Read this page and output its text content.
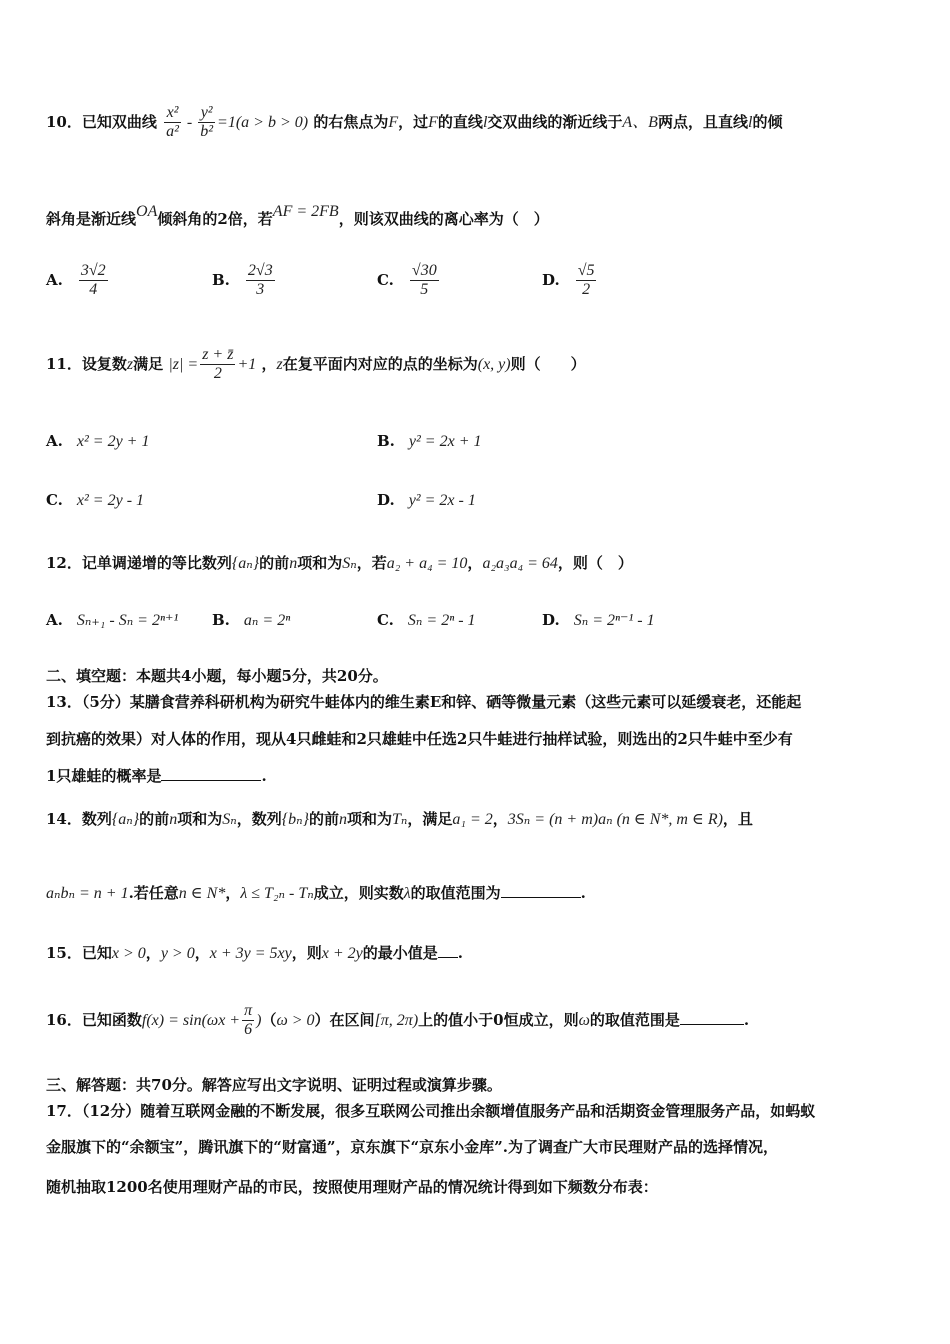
10．已知双曲线 $\frac{\text{x²}}{\text{a²}} - \frac{\text{y²}}{\text{b²}} =1(a > b > 0)$ 的右焦点为F，过F的直线l交双曲线的渐近线于A、B两点，且直线l的倾
斜角是渐近线OA倾斜角的2倍，若AF = 2FB，则该双曲线的离心率为（　）
A. $\frac{3√2}{4}$	B. $\frac{2√3}{3}$	C. $\frac{√30}{5}$	D. $\frac{√5}{2}$
11．设复数z满足 $|z| = \frac{z + z̄}{2} +1$ ，z在复平面内对应的点的坐标为(x, y)则（　　）
A. x² = 2y + 1	B. y² = 2x + 1
C. x² = 2y - 1	D. y² = 2x - 1
12．记单调递增的等比数列{aₙ}的前n项和为Sₙ，若a₂ + a₄ = 10，a₂a₃a₄ = 64，则（　）
A. Sₙ₊₁ - Sₙ = 2ⁿ⁺¹ B. aₙ = 2ⁿ	C. Sₙ = 2ⁿ - 1	D. Sₙ = 2ⁿ⁻¹ - 1
二、填空题：本题共4小题，每小题5分，共20分。
13．（5分）某膳食营养科研机构为研究牛蛙体内的维生素E和锌、硒等微量元素（这些元素可以延缓衰老，还能起
到抗癌的效果）对人体的作用，现从4只雌蛙和2只雄蛙中任选2只牛蛙进行抽样试验，则选出的2只牛蛙中至少有
1只雄蛙的概率是	.
14．数列{aₙ}的前n项和为Sₙ，数列{bₙ}的前n项和为Tₙ，满足a₁ = 2，3Sₙ = (n + m)aₙ (n ∈ N*, m ∈ R)，且
aₙbₙ = n + 1.若任意n ∈ N*，λ ≤ T₂ₙ - Tₙ成立，则实数λ的取值范围为	.
15．已知x > 0，y > 0，x + 3y = 5xy，则x + 2y的最小值是 .
16．已知函数$f(x) = \sin(\omega x + \frac{\pi}{6} )(\omega > 0)$在区间[π, 2π)上的值小于0恒成立，则ω的取值范围是	.
三、解答题：共70分。解答应写出文字说明、证明过程或演算步骤。
17．（12分）随着互联网金融的不断发展，很多互联网公司推出余额增值服务产品和活期资金管理服务产品，如蚂蚁
金服旗下的“余额宝”，腾讯旗下的“财富通”，京东旗下“京东小金库”.为了调查广大市民理财产品的选择情况，
随机抽取1200名使用理财产品的市民，按照使用理财产品的情况统计得到如下频数分布表：
